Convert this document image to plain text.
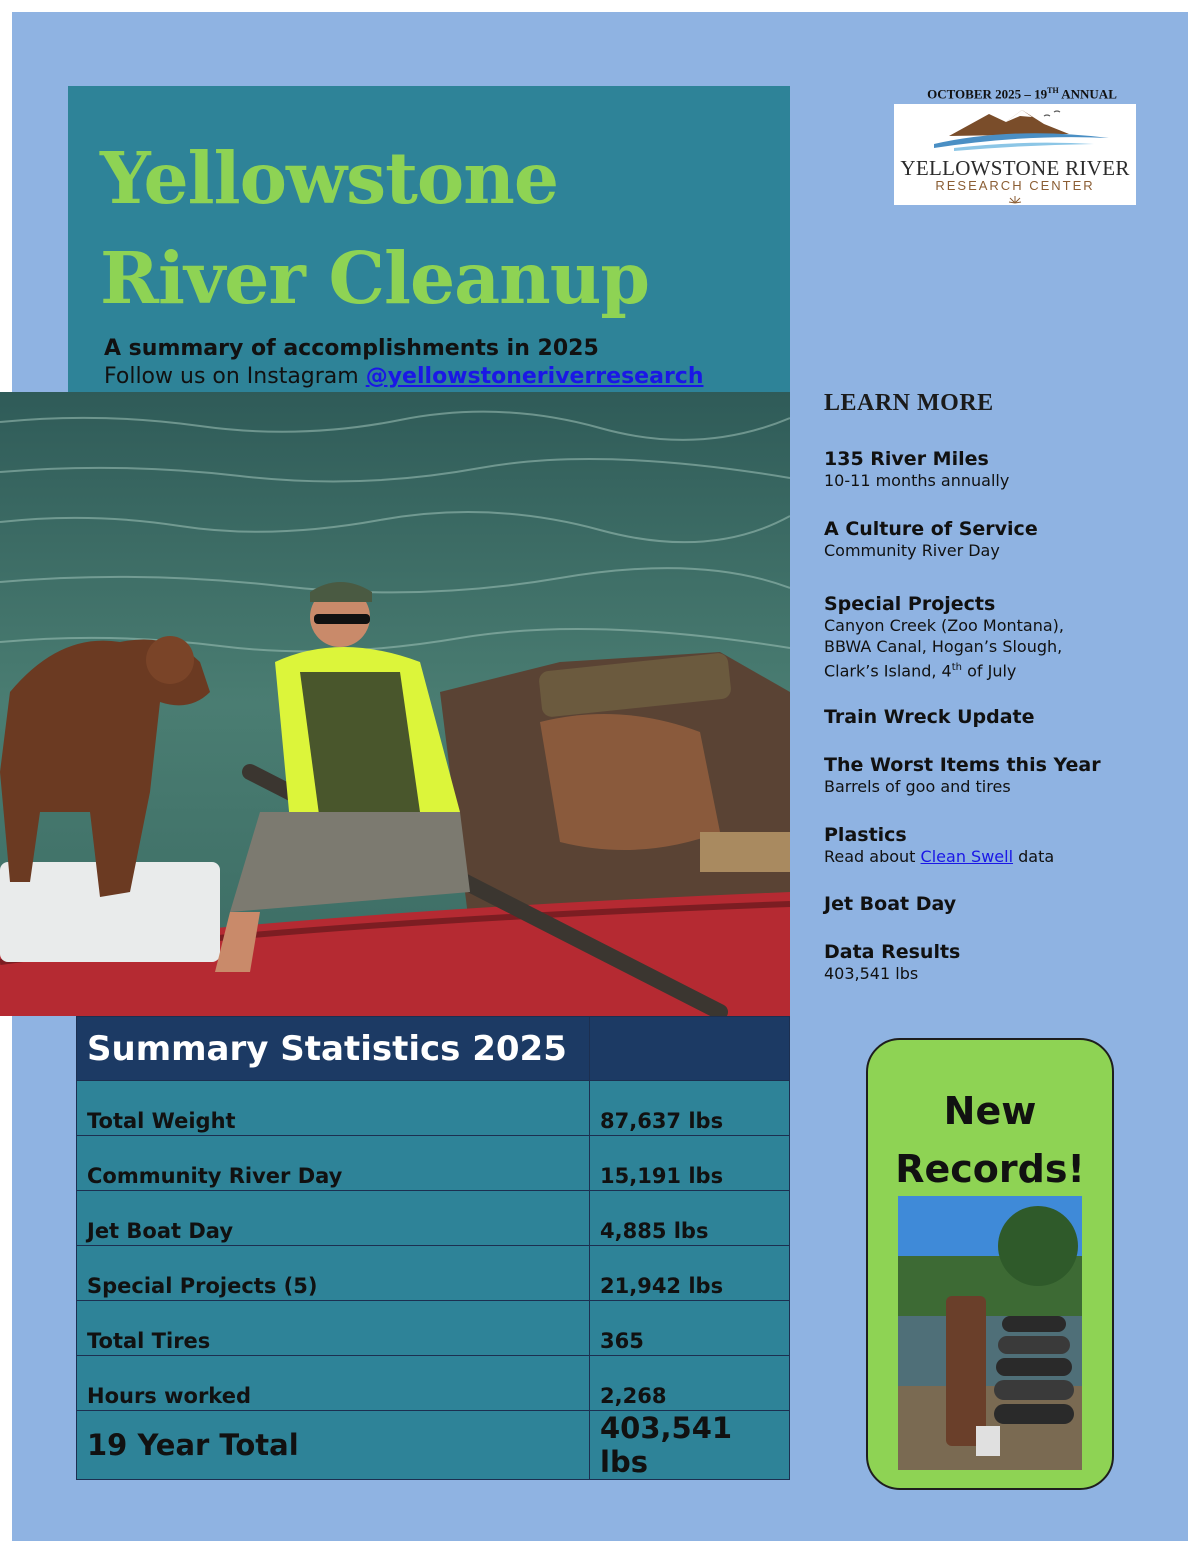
Yellowstone
River Cleanup
A summary of accomplishments in 2025
Follow us on Instagram @yellowstoneriverresearch
OCTOBER 2025 – 19TH ANNUAL
YELLOWSTONE RIVER
RESEARCH CENTER
LEARN MORE
135 River Miles
10-11 months annually
A Culture of Service
Community River Day
Special Projects
Canyon Creek (Zoo Montana),
BBWA Canal, Hogan’s Slough,
Clark’s Island, 4th of July
Train Wreck Update
The Worst Items this Year
Barrels of goo and tires
Plastics
Read about Clean Swell data
Jet Boat Day
Data Results
403,541 lbs
Summary Statistics 2025	
Total Weight	87,637 lbs
Community River Day	15,191 lbs
Jet Boat Day	4,885 lbs
Special Projects (5)	21,942 lbs
Total Tires	365
Hours worked	2,268
19 Year Total	403,541 lbs
New
Records!
